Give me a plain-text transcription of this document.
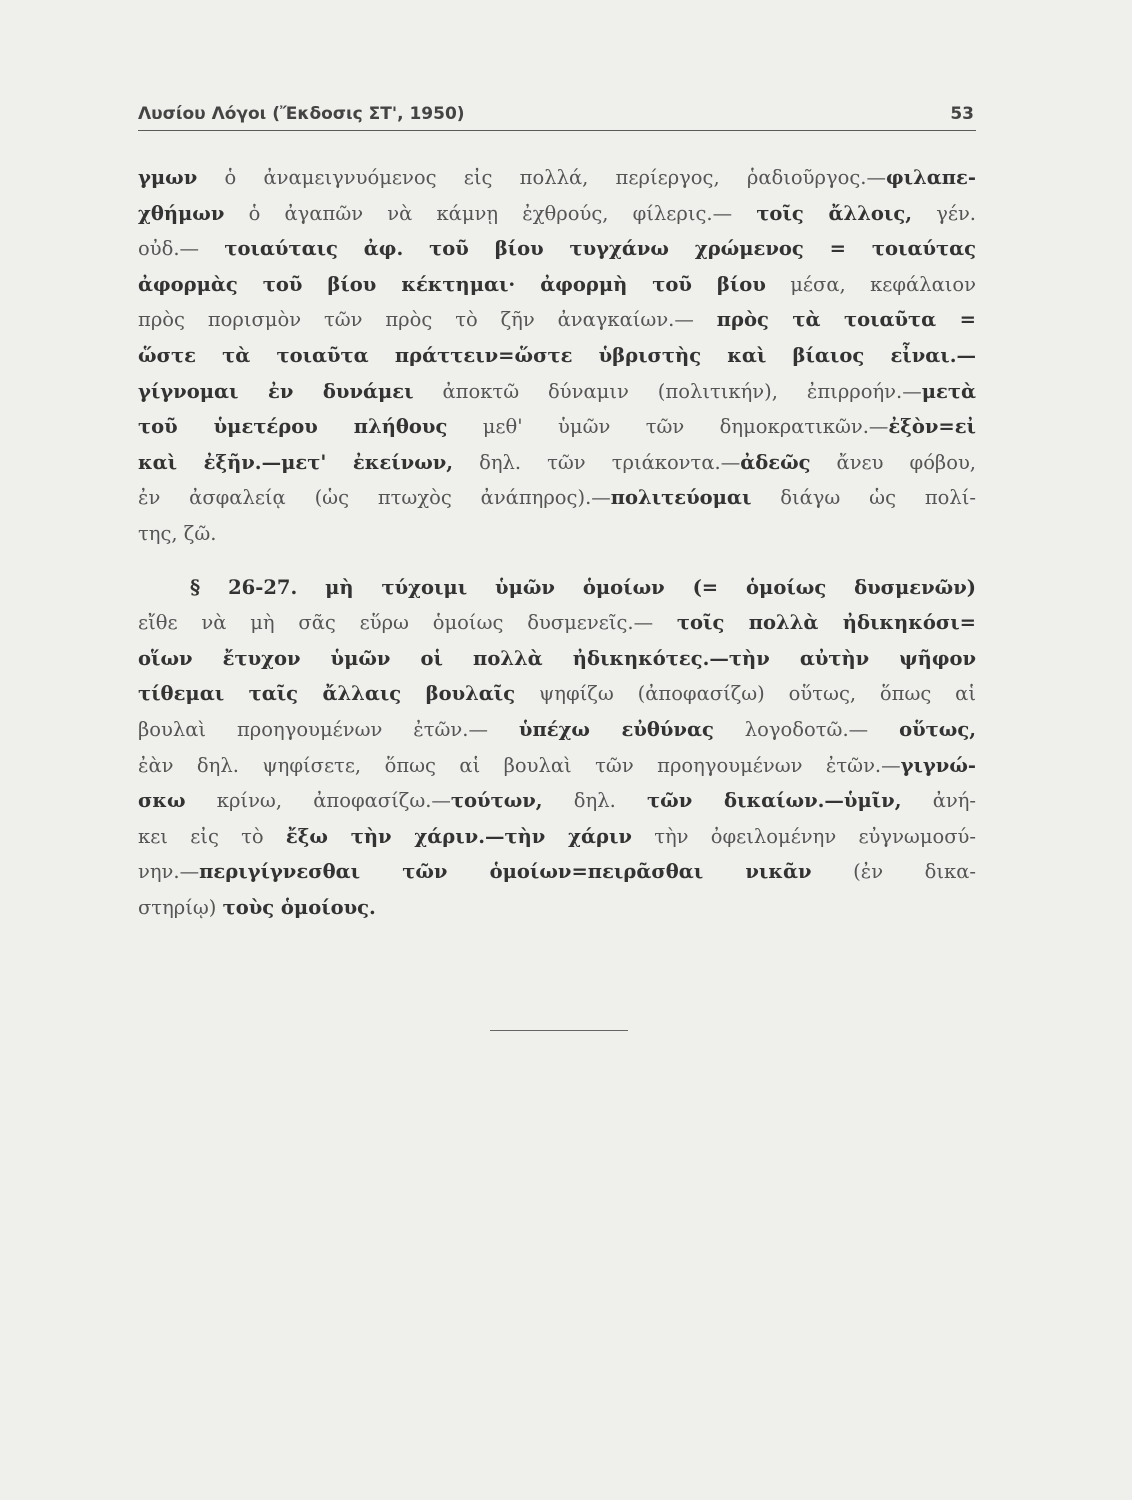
Λυσίου Λόγοι (Ἔκδοσις ΣΤ', 1950)	53
γμων ὁ ἀναμειγνυόμενος εἰς πολλά, περίεργος, ῥαδιοῦργος.—φιλαπε-
χθήμων ὁ ἀγαπῶν νὰ κάμνῃ ἐχθρούς, φίλερις.— τοῖς ἄλλοις, γέν.
οὐδ.— τοιαύταις ἀφ. τοῦ βίου τυγχάνω χρώμενος = τοιαύτας
ἀφορμὰς τοῦ βίου κέκτημαι· ἀφορμὴ τοῦ βίου μέσα, κεφάλαιον
πρὸς πορισμὸν τῶν πρὸς τὸ ζῆν ἀναγκαίων.— πρὸς τὰ τοιαῦτα =
ὥστε τὰ τοιαῦτα πράττειν=ὥστε ὑβριστὴς καὶ βίαιος εἶναι.—
γίγνομαι ἐν δυνάμει ἀποκτῶ δύναμιν (πολιτικήν), ἐπιρροήν.—μετὰ
τοῦ ὑμετέρου πλήθους μεθ' ὑμῶν τῶν δημοκρατικῶν.—ἐξὸν=εἰ
καὶ ἐξῆν.—μετ' ἐκείνων, δηλ. τῶν τριάκοντα.—ἀδεῶς ἄνευ φόβου,
ἐν ἀσφαλείᾳ (ὡς πτωχὸς ἀνάπηρος).—πολιτεύομαι διάγω ὡς πολί-
της, ζῶ.
§ 26-27. μὴ τύχοιμι ὑμῶν ὁμοίων (= ὁμοίως δυσμενῶν)
εἴθε νὰ μὴ σᾶς εὕρω ὁμοίως δυσμενεῖς.— τοῖς πολλὰ ἠδικηκόσι=
οἵων ἔτυχον ὑμῶν οἱ πολλὰ ἠδικηκότες.—τὴν αὐτὴν ψῆφον
τίθεμαι ταῖς ἄλλαις βουλαῖς ψηφίζω (ἀποφασίζω) οὕτως, ὅπως αἱ
βουλαὶ προηγουμένων ἐτῶν.— ὑπέχω εὐθύνας λογοδοτῶ.— οὕτως,
ἐὰν δηλ. ψηφίσετε, ὅπως αἱ βουλαὶ τῶν προηγουμένων ἐτῶν.—γιγνώ-
σκω κρίνω, ἀποφασίζω.—τούτων, δηλ. τῶν δικαίων.—ὑμῖν, ἀνή-
κει εἰς τὸ ἔξω τὴν χάριν.—τὴν χάριν τὴν ὀφειλομένην εὐγνωμοσύ-
νην.—περιγίγνεσθαι τῶν ὁμοίων=πειρᾶσθαι νικᾶν (ἐν δικα-
στηρίῳ) τοὺς ὁμοίους.
